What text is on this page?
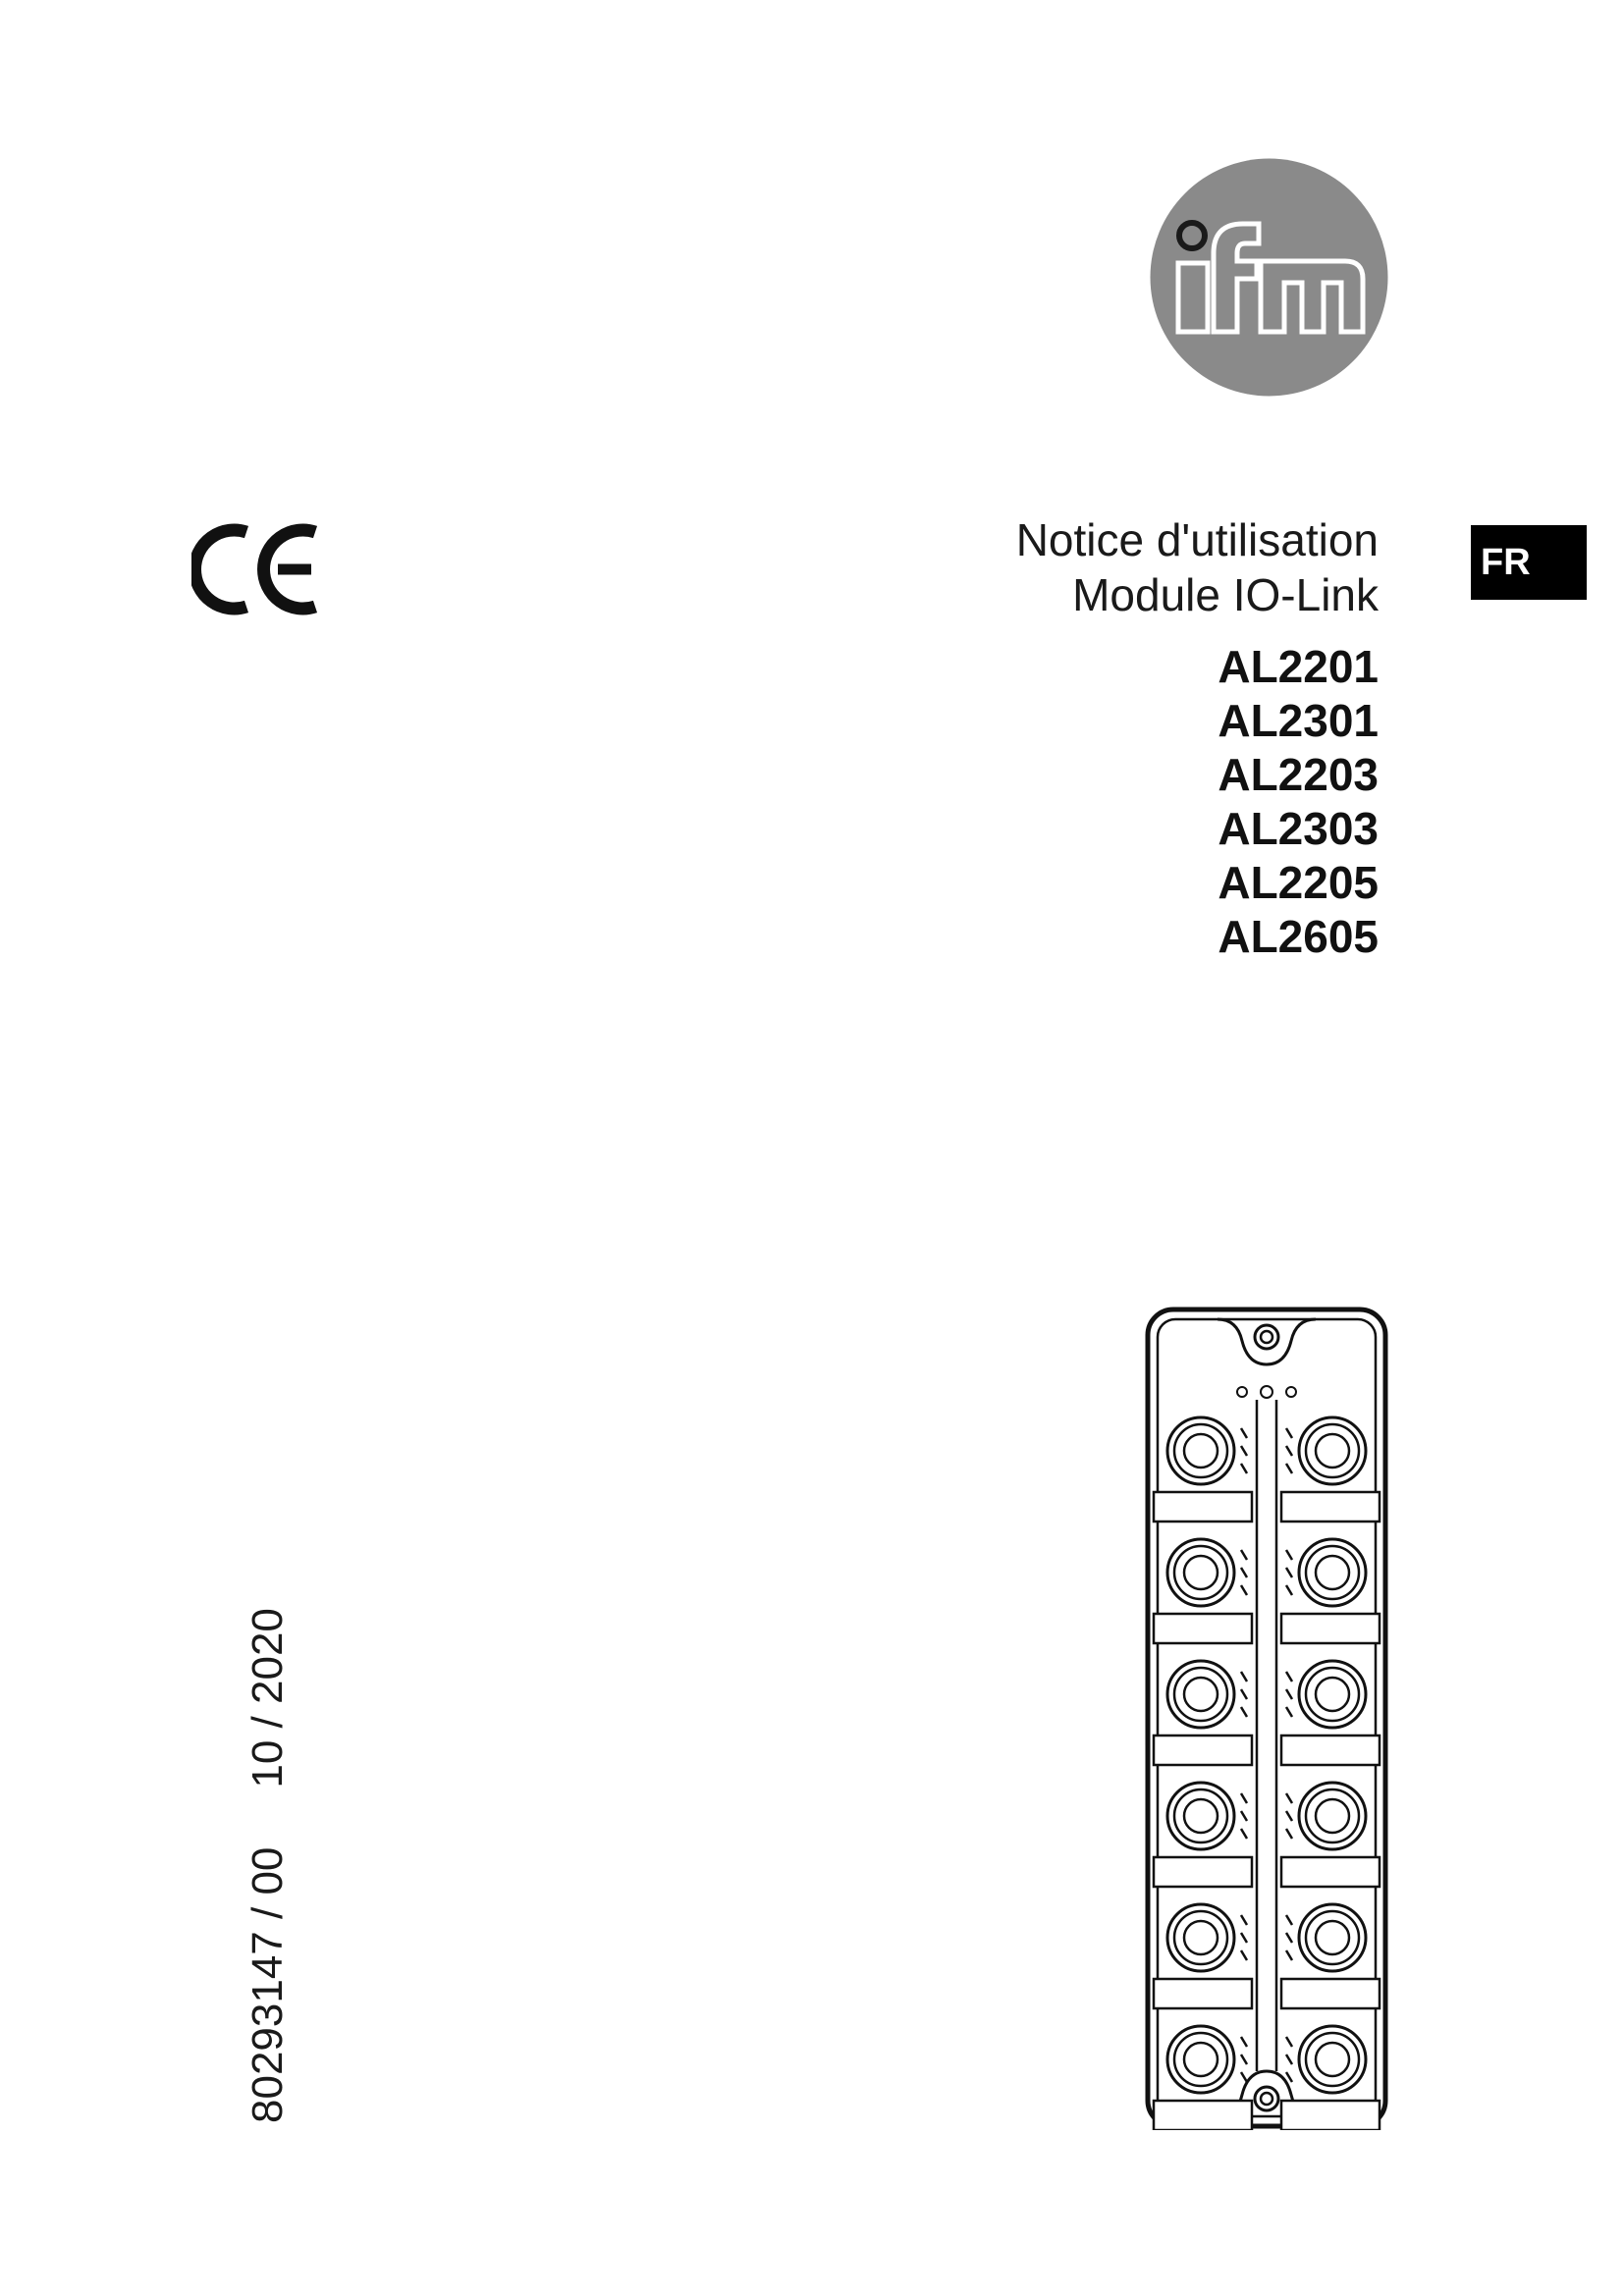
Notice d'utilisation
Module IO-Link
AL2201
AL2301
AL2203
AL2303
AL2205
AL2605
FR
80293147 / 0010 / 2020
